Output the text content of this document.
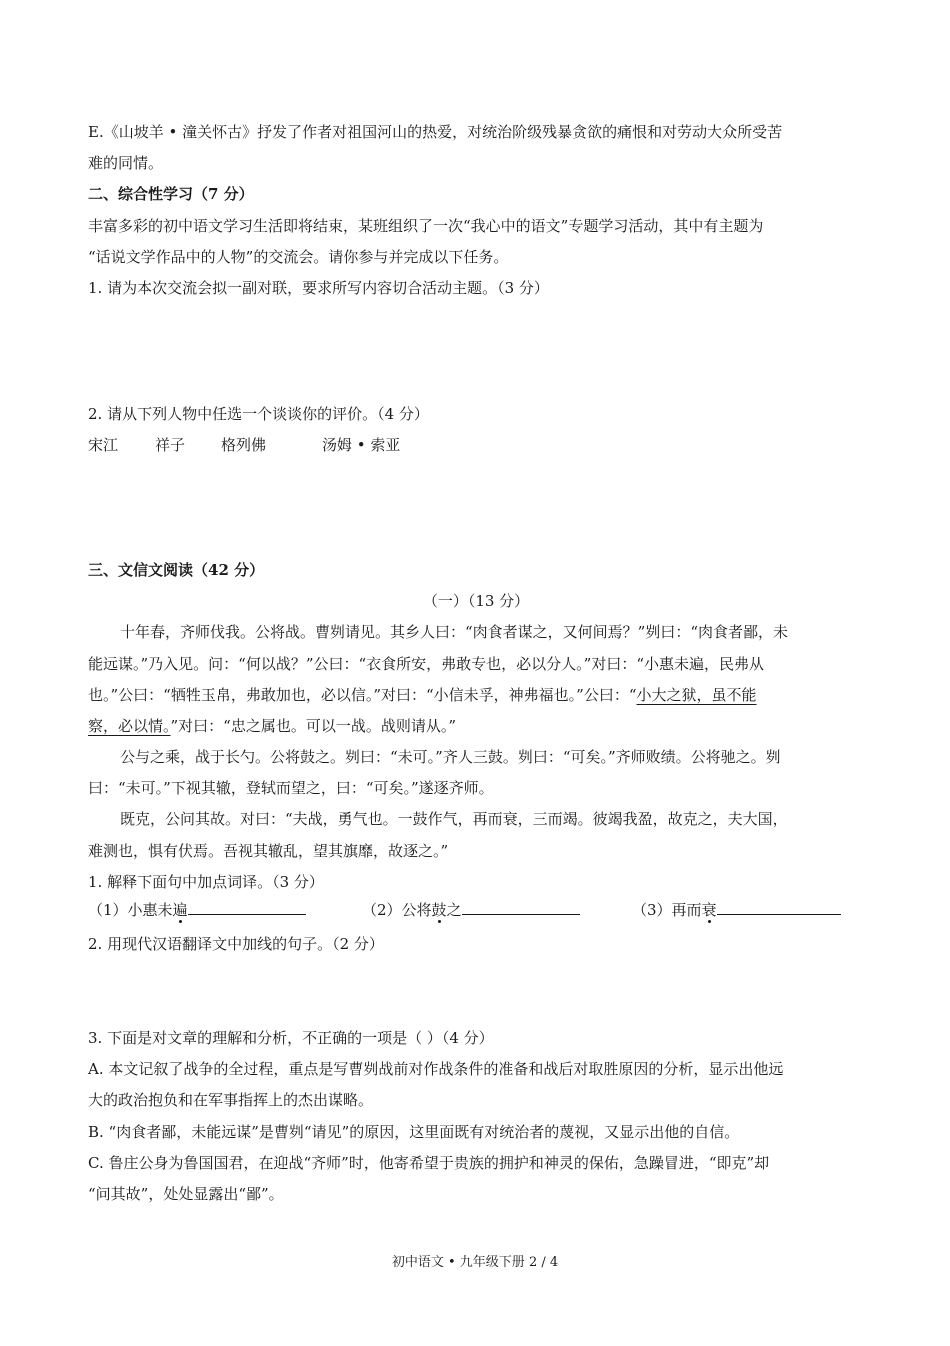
E.《山坡羊 • 潼关怀古》抒发了作者对祖国河山的热爱，对统治阶级残暴贪欲的痛恨和对劳动大众所受苦
难的同情。
二、综合性学习（7 分）
丰富多彩的初中语文学习生活即将结束，某班组织了一次“我心中的语文”专题学习活动，其中有主题为
“话说文学作品中的人物”的交流会。请你参与并完成以下任务。
1. 请为本次交流会拟一副对联，要求所写内容切合活动主题。（3 分）
2. 请从下列人物中任选一个谈谈你的评价。（4 分）
宋江 祥子 格列佛	汤姆 • 索亚
三、文信文阅读（42 分）
（一）（13 分）
十年春，齐师伐我。公将战。曹刿请见。其乡人曰：“肉食者谋之，又何间焉？”刿曰：“肉食者鄙，未
能远谋。”乃入见。问：“何以战？”公曰：“衣食所安，弗敢专也，必以分人。”对曰：“小惠未遍，民弗从
也。”公曰：“牺牲玉帛，弗敢加也，必以信。”对曰：“小信未孚，神弗福也。”公曰：“小大之狱，虽不能
察，必以情。”对曰：“忠之属也。可以一战。战则请从。”
公与之乘，战于长勺。公将鼓之。刿曰：“未可。”齐人三鼓。刿曰：“可矣。”齐师败绩。公将驰之。刿
曰：“未可。”下视其辙，登轼而望之，曰：“可矣。”遂逐齐师。
既克，公问其故。对曰：“夫战，勇气也。一鼓作气，再而衰，三而竭。彼竭我盈，故克之，夫大国，
难测也，惧有伏焉。吾视其辙乱，望其旗靡，故逐之。”
1. 解释下面句中加点词译。（3 分）
（1）小惠未遍	（2）公将鼓之	（3）再而衰
2. 用现代汉语翻译文中加线的句子。（2 分）
3. 下面是对文章的理解和分析，不正确的一项是（ ）（4 分）
A. 本文记叙了战争的全过程，重点是写曹刿战前对作战条件的准备和战后对取胜原因的分析，显示出他远
大的政治抱负和在军事指挥上的杰出谋略。
B. “肉食者鄙，未能远谋”是曹刿“请见”的原因，这里面既有对统治者的蔑视，又显示出他的自信。
C. 鲁庄公身为鲁国国君，在迎战“齐师”时，他寄希望于贵族的拥护和神灵的保佑，急躁冒进，“即克”却
“问其故”，处处显露出“鄙”。
初中语文 • 九年级下册 2 / 4
